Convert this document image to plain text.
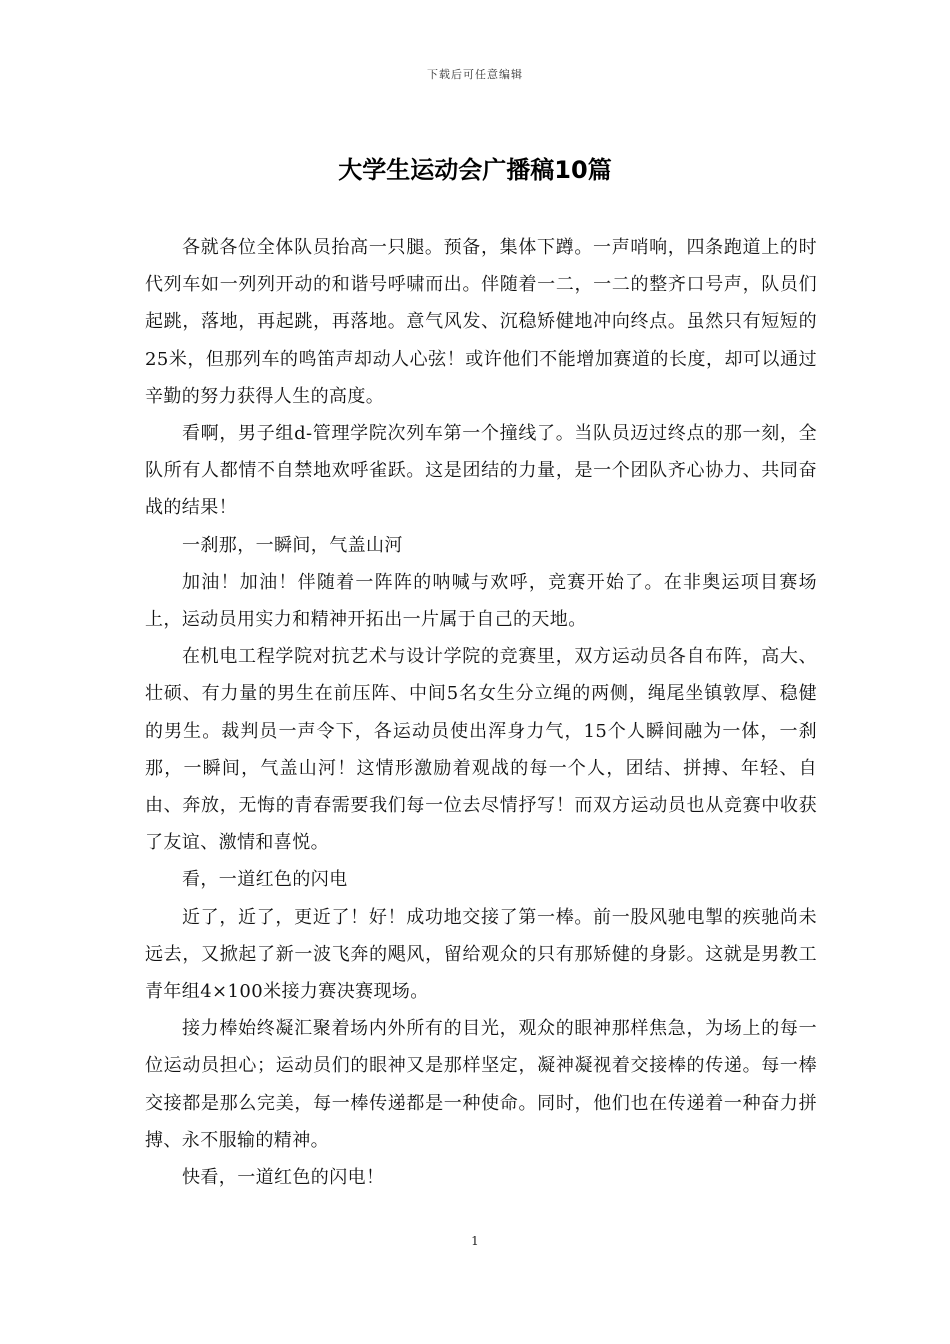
下载后可任意编辑
大学生运动会广播稿10篇

各就各位全体队员抬高一只腿。预备，集体下蹲。一声哨响，四条跑道上的时代列车如一列列开动的和谐号呼啸而出。伴随着一二，一二的整齐口号声，队员们起跳，落地，再起跳，再落地。意气风发、沉稳矫健地冲向终点。虽然只有短短的25米，但那列车的鸣笛声却动人心弦！或许他们不能增加赛道的长度，却可以通过辛勤的努力获得人生的高度。

看啊，男子组d-管理学院次列车第一个撞线了。当队员迈过终点的那一刻，全队所有人都情不自禁地欢呼雀跃。这是团结的力量，是一个团队齐心协力、共同奋战的结果！

一刹那，一瞬间，气盖山河

加油！加油！伴随着一阵阵的呐喊与欢呼，竞赛开始了。在非奥运项目赛场上，运动员用实力和精神开拓出一片属于自己的天地。

在机电工程学院对抗艺术与设计学院的竞赛里，双方运动员各自布阵，高大、壮硕、有力量的男生在前压阵、中间5名女生分立绳的两侧，绳尾坐镇敦厚、稳健的男生。裁判员一声令下，各运动员使出浑身力气，15个人瞬间融为一体，一刹那，一瞬间，气盖山河！这情形激励着观战的每一个人，团结、拼搏、年轻、自由、奔放，无悔的青春需要我们每一位去尽情抒写！而双方运动员也从竞赛中收获了友谊、激情和喜悦。

看，一道红色的闪电

近了，近了，更近了！好！成功地交接了第一棒。前一股风驰电掣的疾驰尚未远去，又掀起了新一波飞奔的飓风，留给观众的只有那矫健的身影。这就是男教工青年组4×100米接力赛决赛现场。

接力棒始终凝汇聚着场内外所有的目光，观众的眼神那样焦急，为场上的每一位运动员担心；运动员们的眼神又是那样坚定，凝神凝视着交接棒的传递。每一棒交接都是那么完美，每一棒传递都是一种使命。同时，他们也在传递着一种奋力拼搏、永不服输的精神。

快看，一道红色的闪电！

1
